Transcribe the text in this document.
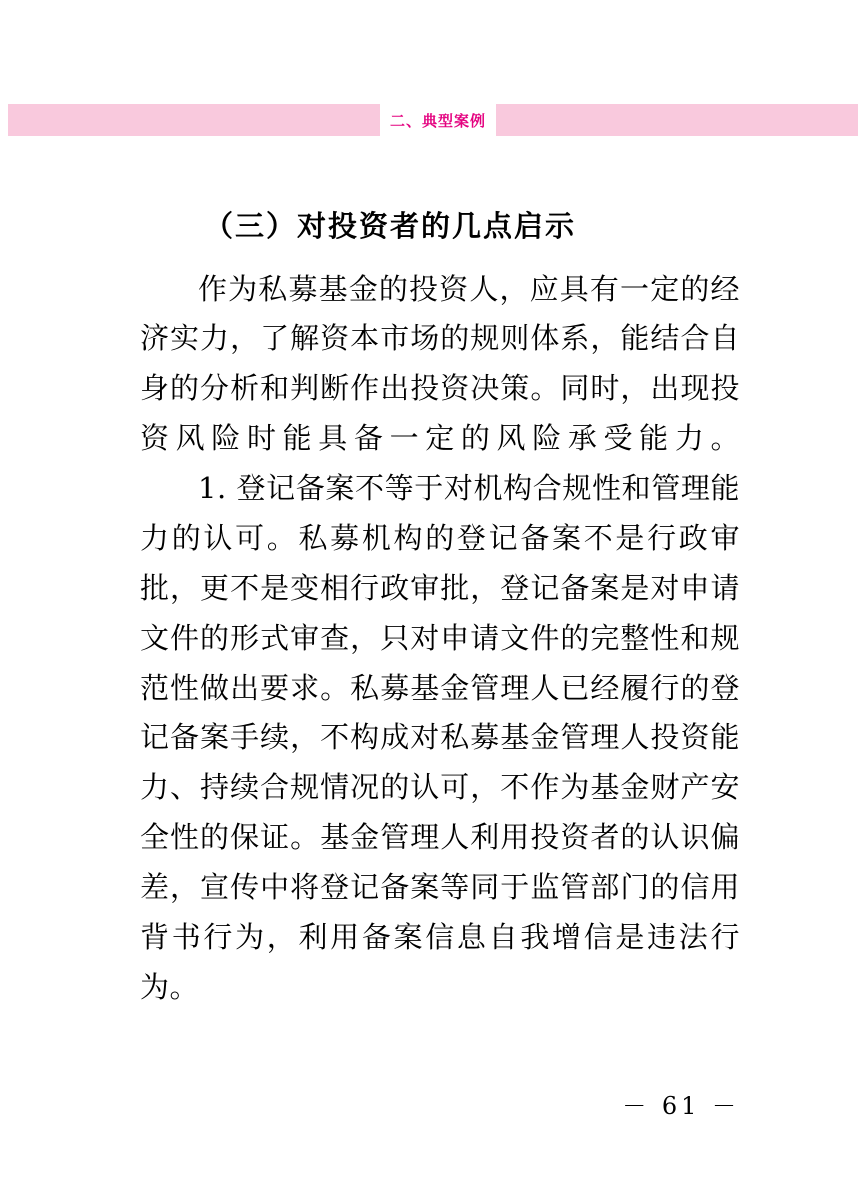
二、典型案例
（三）对投资者的几点启示

作为私募基金的投资人，应具有一定的经济实力，了解资本市场的规则体系，能结合自身的分析和判断作出投资决策。同时，出现投资风险时能具备一定的风险承受能力。

1. 登记备案不等于对机构合规性和管理能力的认可。私募机构的登记备案不是行政审批，更不是变相行政审批，登记备案是对申请文件的形式审查，只对申请文件的完整性和规范性做出要求。私募基金管理人已经履行的登记备案手续，不构成对私募基金管理人投资能力、持续合规情况的认可，不作为基金财产安全性的保证。基金管理人利用投资者的认识偏差，宣传中将登记备案等同于监管部门的信用背书行为，利用备案信息自我增信是违法行为。

－ 61 －
